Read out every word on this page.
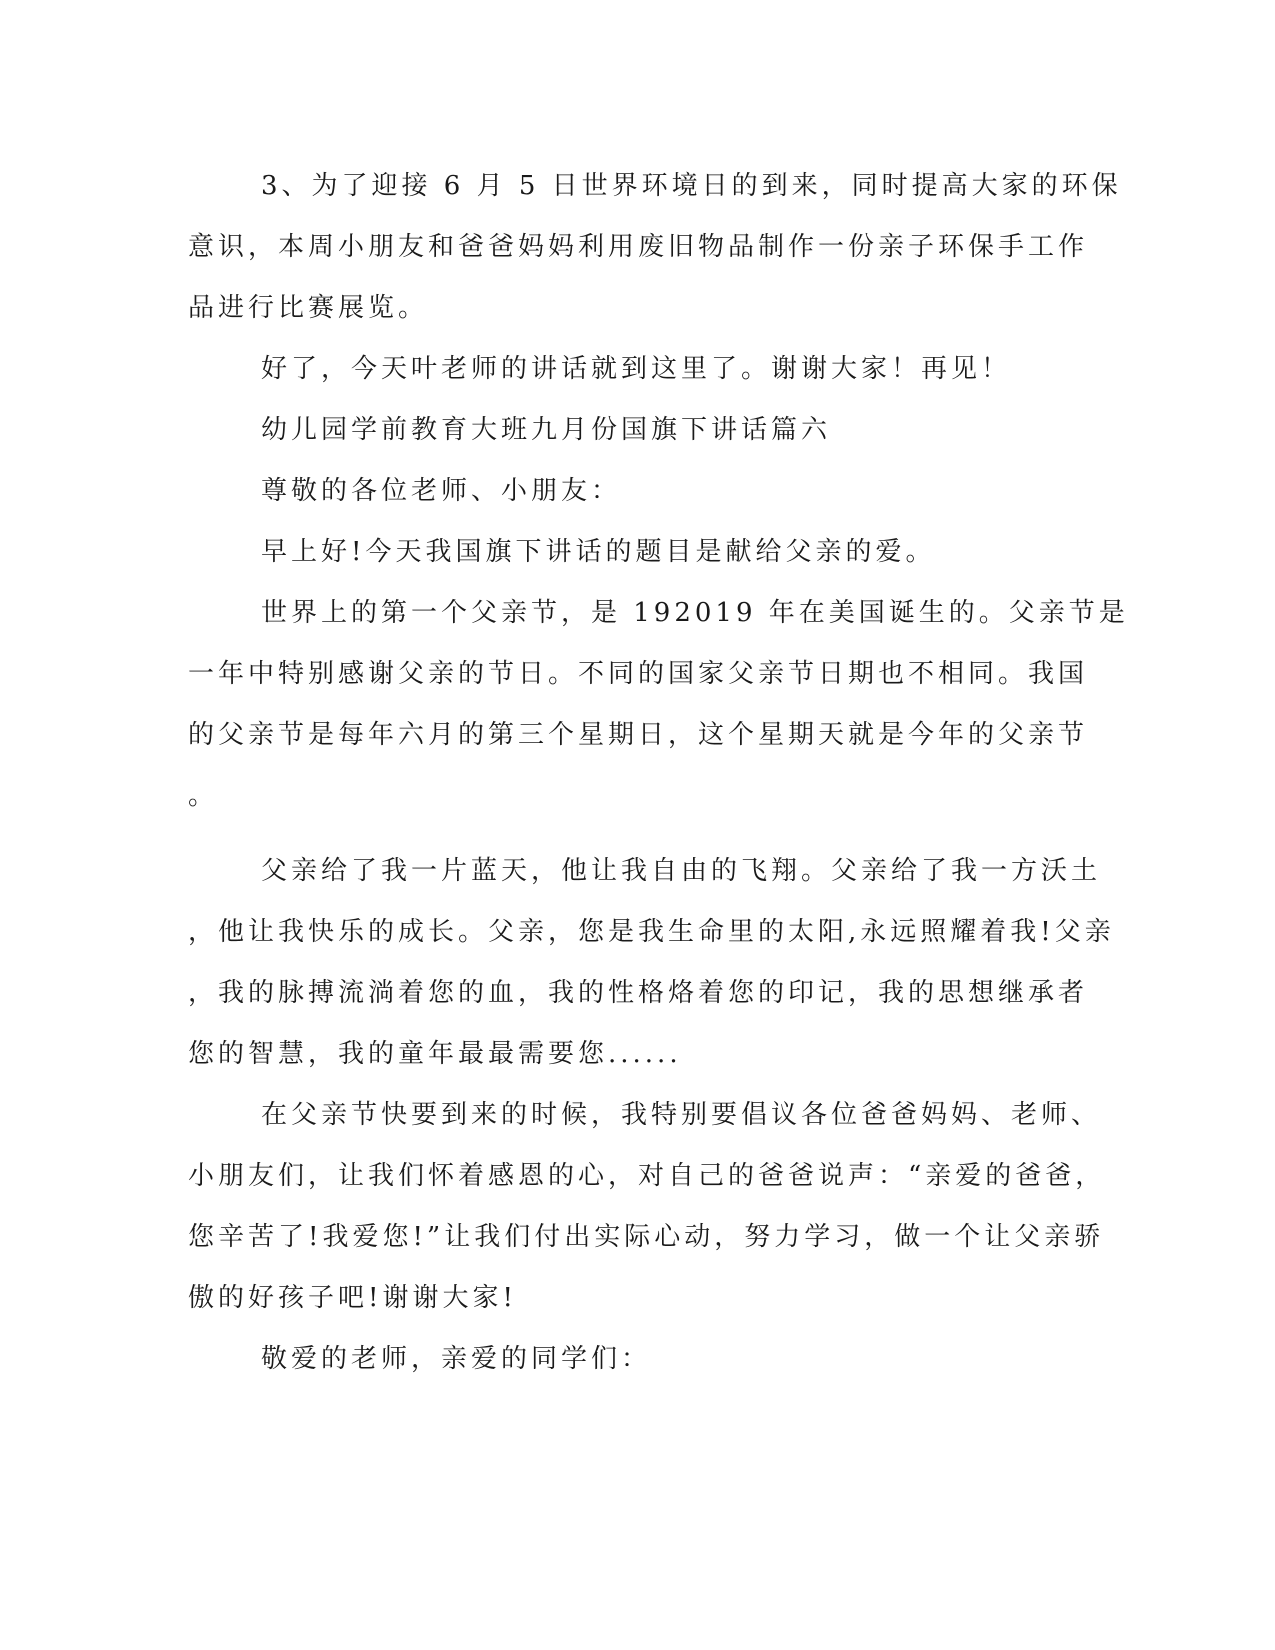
3、为了迎接 6 月 5 日世界环境日的到来，同时提高大家的环保
意识，本周小朋友和爸爸妈妈利用废旧物品制作一份亲子环保手工作
品进行比赛展览。
好了，今天叶老师的讲话就到这里了。谢谢大家！再见！
幼儿园学前教育大班九月份国旗下讲话篇六
尊敬的各位老师、小朋友：
早上好!今天我国旗下讲话的题目是献给父亲的爱。
世界上的第一个父亲节，是 192019 年在美国诞生的。父亲节是
一年中特别感谢父亲的节日。不同的国家父亲节日期也不相同。我国
的父亲节是每年六月的第三个星期日，这个星期天就是今年的父亲节
。
父亲给了我一片蓝天，他让我自由的飞翔。父亲给了我一方沃土
，他让我快乐的成长。父亲，您是我生命里的太阳,永远照耀着我!父亲
，我的脉搏流淌着您的血，我的性格烙着您的印记，我的思想继承者
您的智慧，我的童年最最需要您......
在父亲节快要到来的时候，我特别要倡议各位爸爸妈妈、老师、
小朋友们，让我们怀着感恩的心，对自己的爸爸说声：“亲爱的爸爸，
您辛苦了!我爱您!”让我们付出实际心动，努力学习，做一个让父亲骄
傲的好孩子吧!谢谢大家!
敬爱的老师，亲爱的同学们：
